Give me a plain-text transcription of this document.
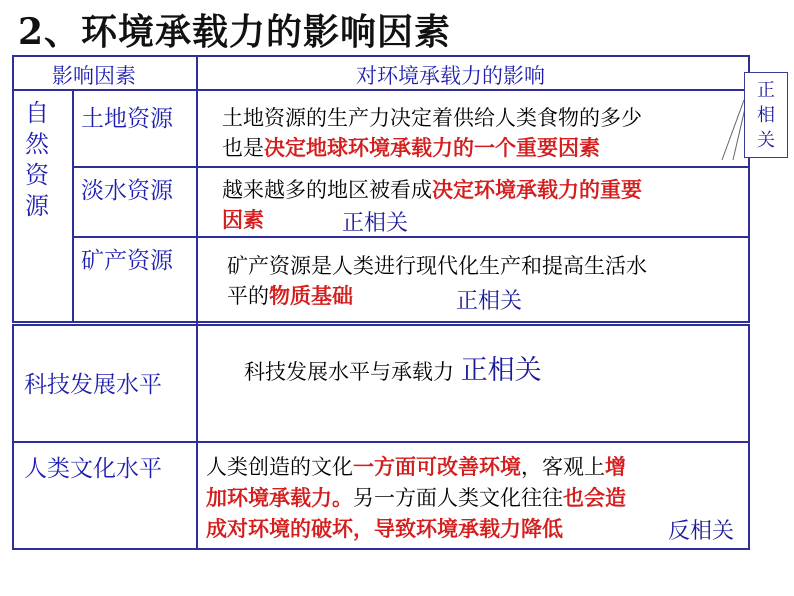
2、环境承载力的影响因素
影响因素	对环境承载力的影响
自
然
资
源
土地资源 土地资源的生产力决定着供给人类食物的多少
也是决定地球环境承载力的一个重要因素
淡水资源 越来越多的地区被看成决定环境承载力的重要
因素	正相关
矿产资源	矿产资源是人类进行现代化生产和提高生活水
平的物质基础	正相关
科技发展水平	科技发展水平与承载力 正相关
人类文化水平 人类创造的文化一方面可改善环境，客观上增
加环境承载力。另一方面人类文化往往也会造
成对环境的破坏，导致环境承载力降低	反相关
正
相
关
